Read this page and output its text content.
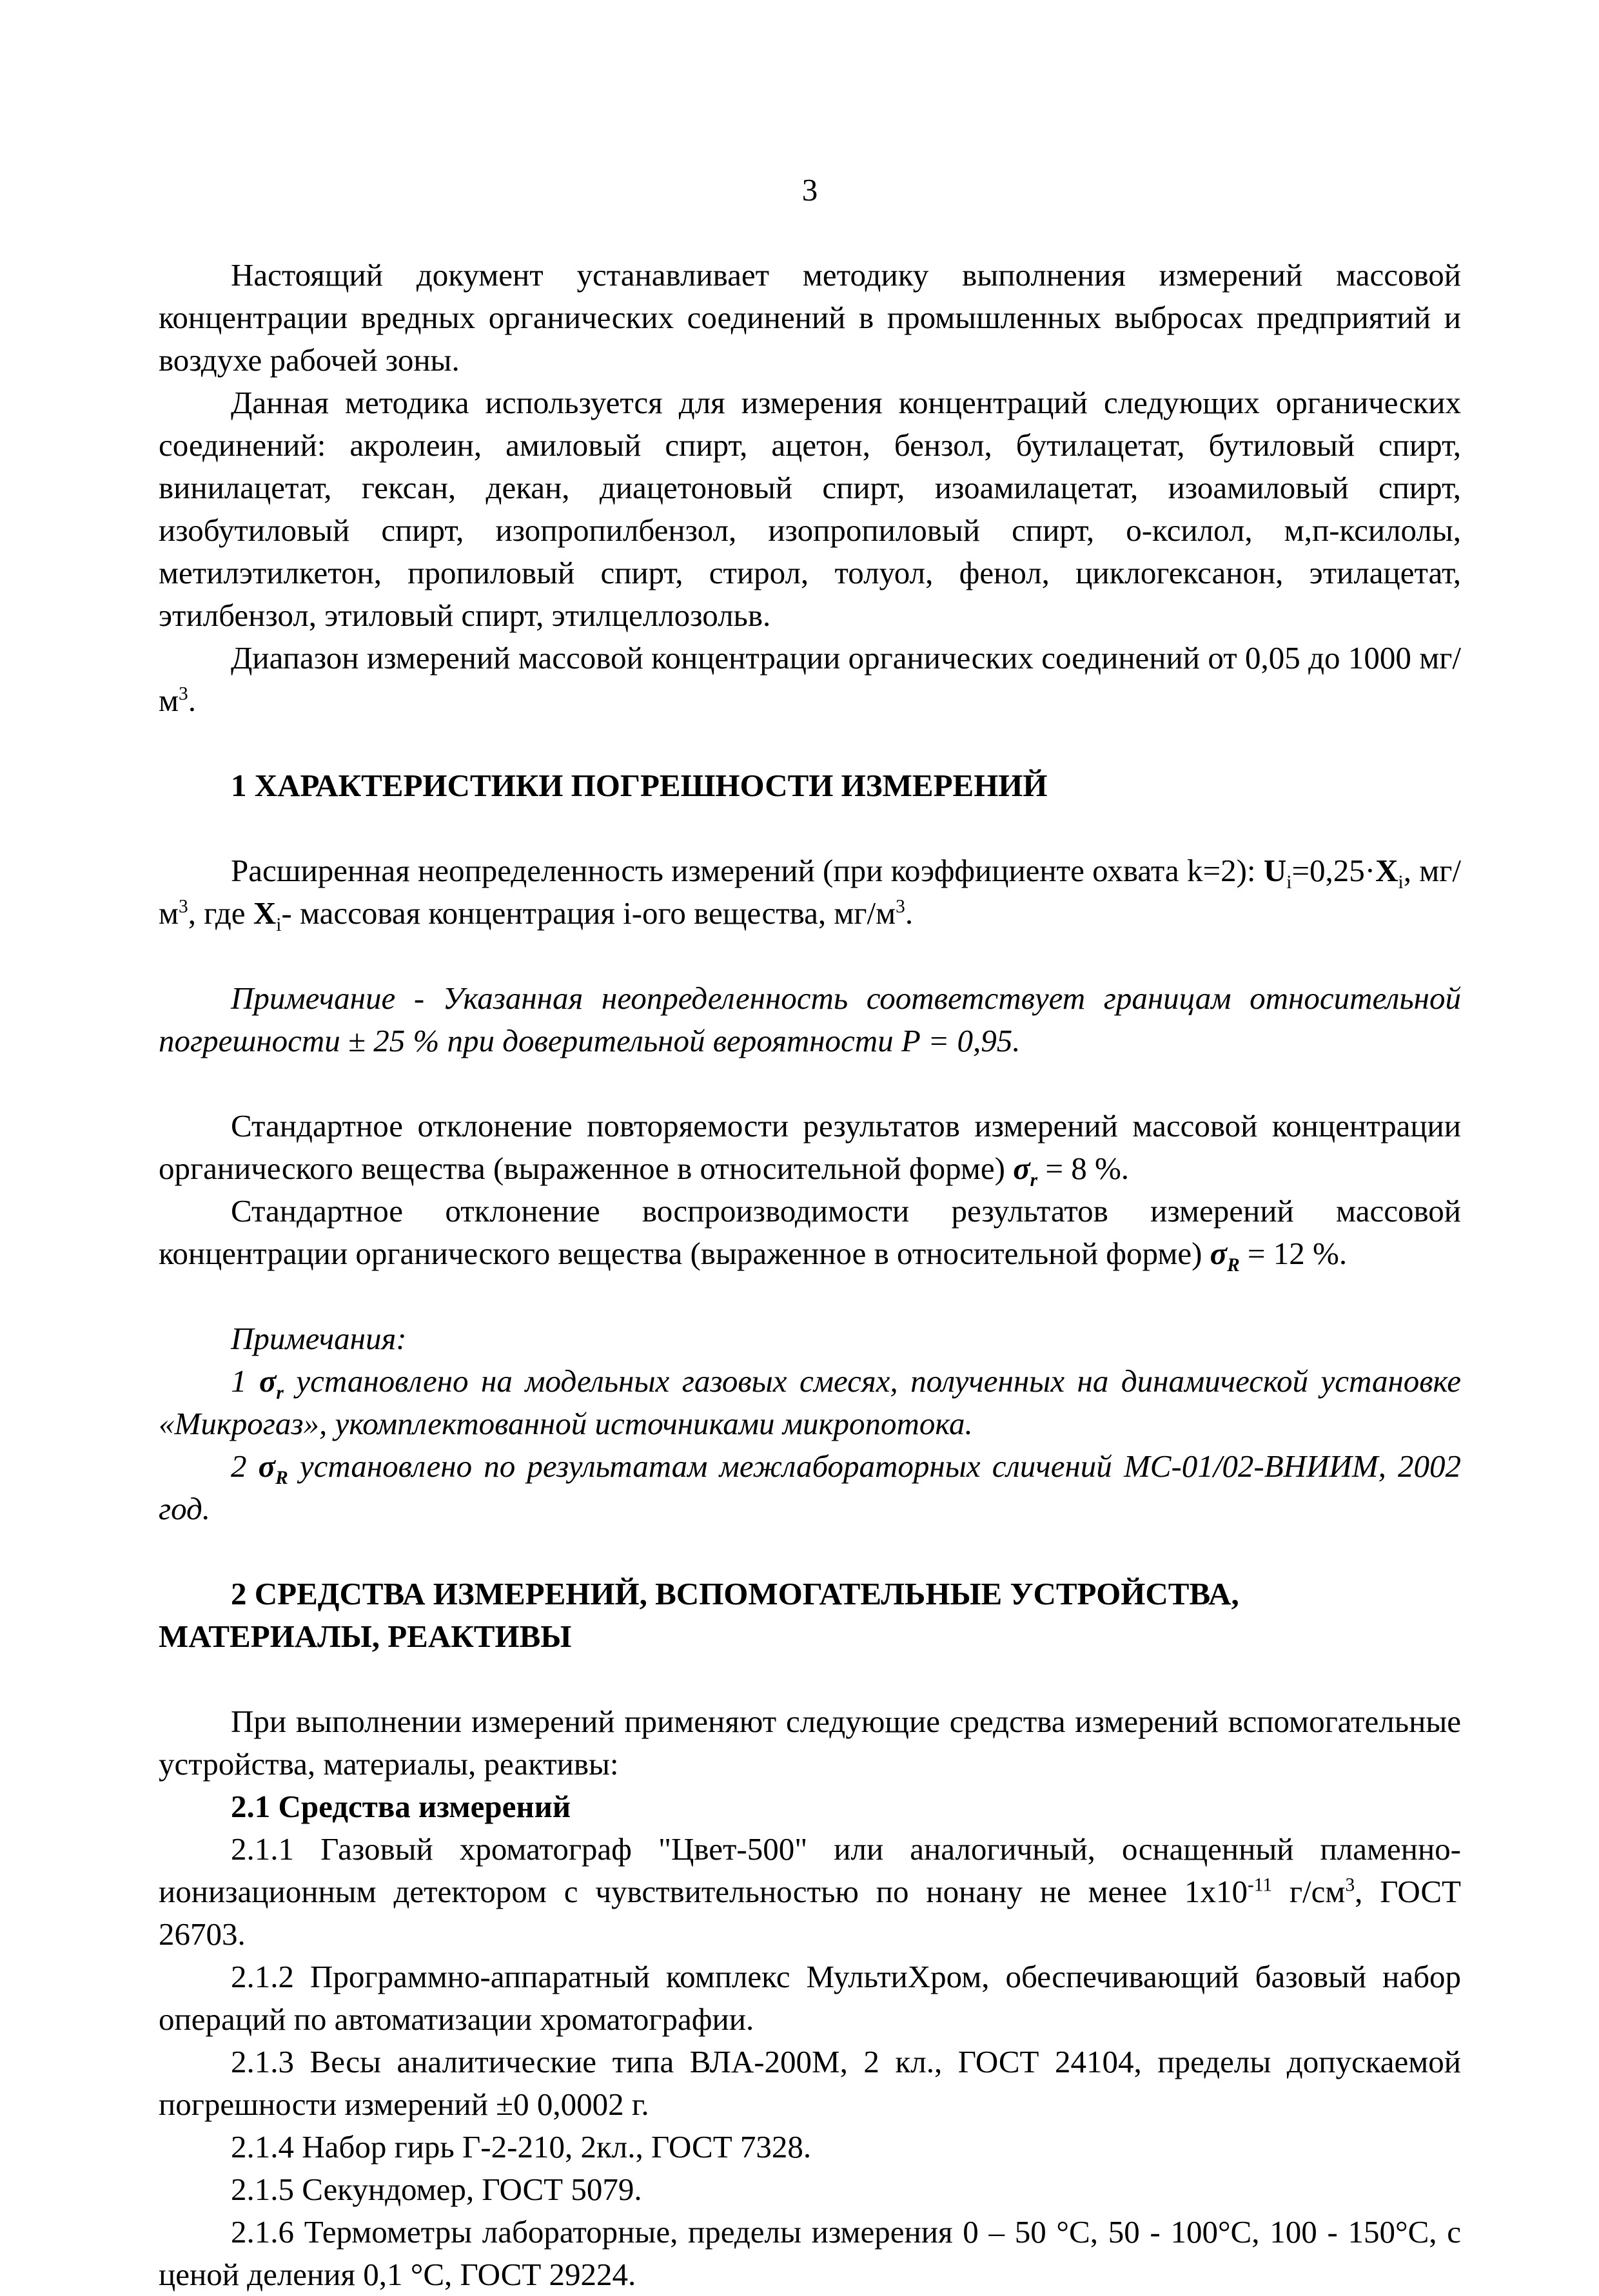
3

Настоящий документ устанавливает методику выполнения измерений массовой концентрации вредных органических соединений в промышленных выбросах предприятий и воздухе рабочей зоны.

Данная методика используется для измерения концентраций следующих органических соединений: акролеин, амиловый спирт, ацетон, бензол, бутилацетат, бутиловый спирт, винилацетат, гексан, декан, диацетоновый спирт, изоамилацетат, изоамиловый спирт, изобутиловый спирт, изопропилбензол, изопропиловый спирт, о-ксилол, м,п-ксилолы, метилэтилкетон, пропиловый спирт, стирол, толуол, фенол, циклогексанон, этилацетат, этилбензол, этиловый спирт, этилцеллозольв.

Диапазон измерений массовой концентрации органических соединений от 0,05 до 1000 $мг/м^3$.

1 ХАРАКТЕРИСТИКИ ПОГРЕШНОСТИ ИЗМЕРЕНИЙ

Расширенная неопределенность измерений (при коэффициенте охвата k=2): $U_i=0,25\cdot X_i$, $мг/м^3$, где $X_i-$ массовая концентрация i-ого вещества, $мг/м^3$.

Примечание - Указанная неопределенность соответствует границам относительной погрешности ± 25 % при доверительной вероятности P = 0,95.

Стандартное отклонение повторяемости результатов измерений массовой концентрации органического вещества (выраженное в относительной форме) $\sigma_r = 8$ %.

Стандартное отклонение воспроизводимости результатов измерений массовой концентрации органического вещества (выраженное в относительной форме) $\sigma_R = 12$ %.

Примечания:

1 $\sigma_r$ установлено на модельных газовых смесях, полученных на динамической установке «Микрогаз», укомплектованной источниками микропотока.

2 $\sigma_R$ установлено по результатам межлабораторных сличений МС-01/02-ВНИИМ, 2002 год.

2 СРЕДСТВА ИЗМЕРЕНИЙ, ВСПОМОГАТЕЛЬНЫЕ УСТРОЙСТВА, МАТЕРИАЛЫ, РЕАКТИВЫ

При выполнении измерений применяют следующие средства измерений вспомогательные устройства, материалы, реактивы:

2.1 Средства измерений

2.1.1 Газовый хроматограф "Цвет-500" или аналогичный, оснащенный пламенно-ионизационным детектором с чувствительностью по нонану не менее $1х10^{-11}$ $г/см^3$, ГОСТ 26703.

2.1.2 Программно-аппаратный комплекс МультиХром, обеспечивающий базовый набор операций по автоматизации хроматографии.

2.1.3 Весы аналитические типа ВЛА-200М, 2 кл., ГОСТ 24104, пределы допускаемой погрешности измерений ±0 0,0002 г.

2.1.4 Набор гирь Г-2-210, 2кл., ГОСТ 7328.

2.1.5 Секундомер, ГОСТ 5079.

2.1.6 Термометры лабораторные, пределы измерения 0 – 50 °С, 50 - 100°С, 100 - 150°С, с ценой деления 0,1 °С, ГОСТ 29224.
